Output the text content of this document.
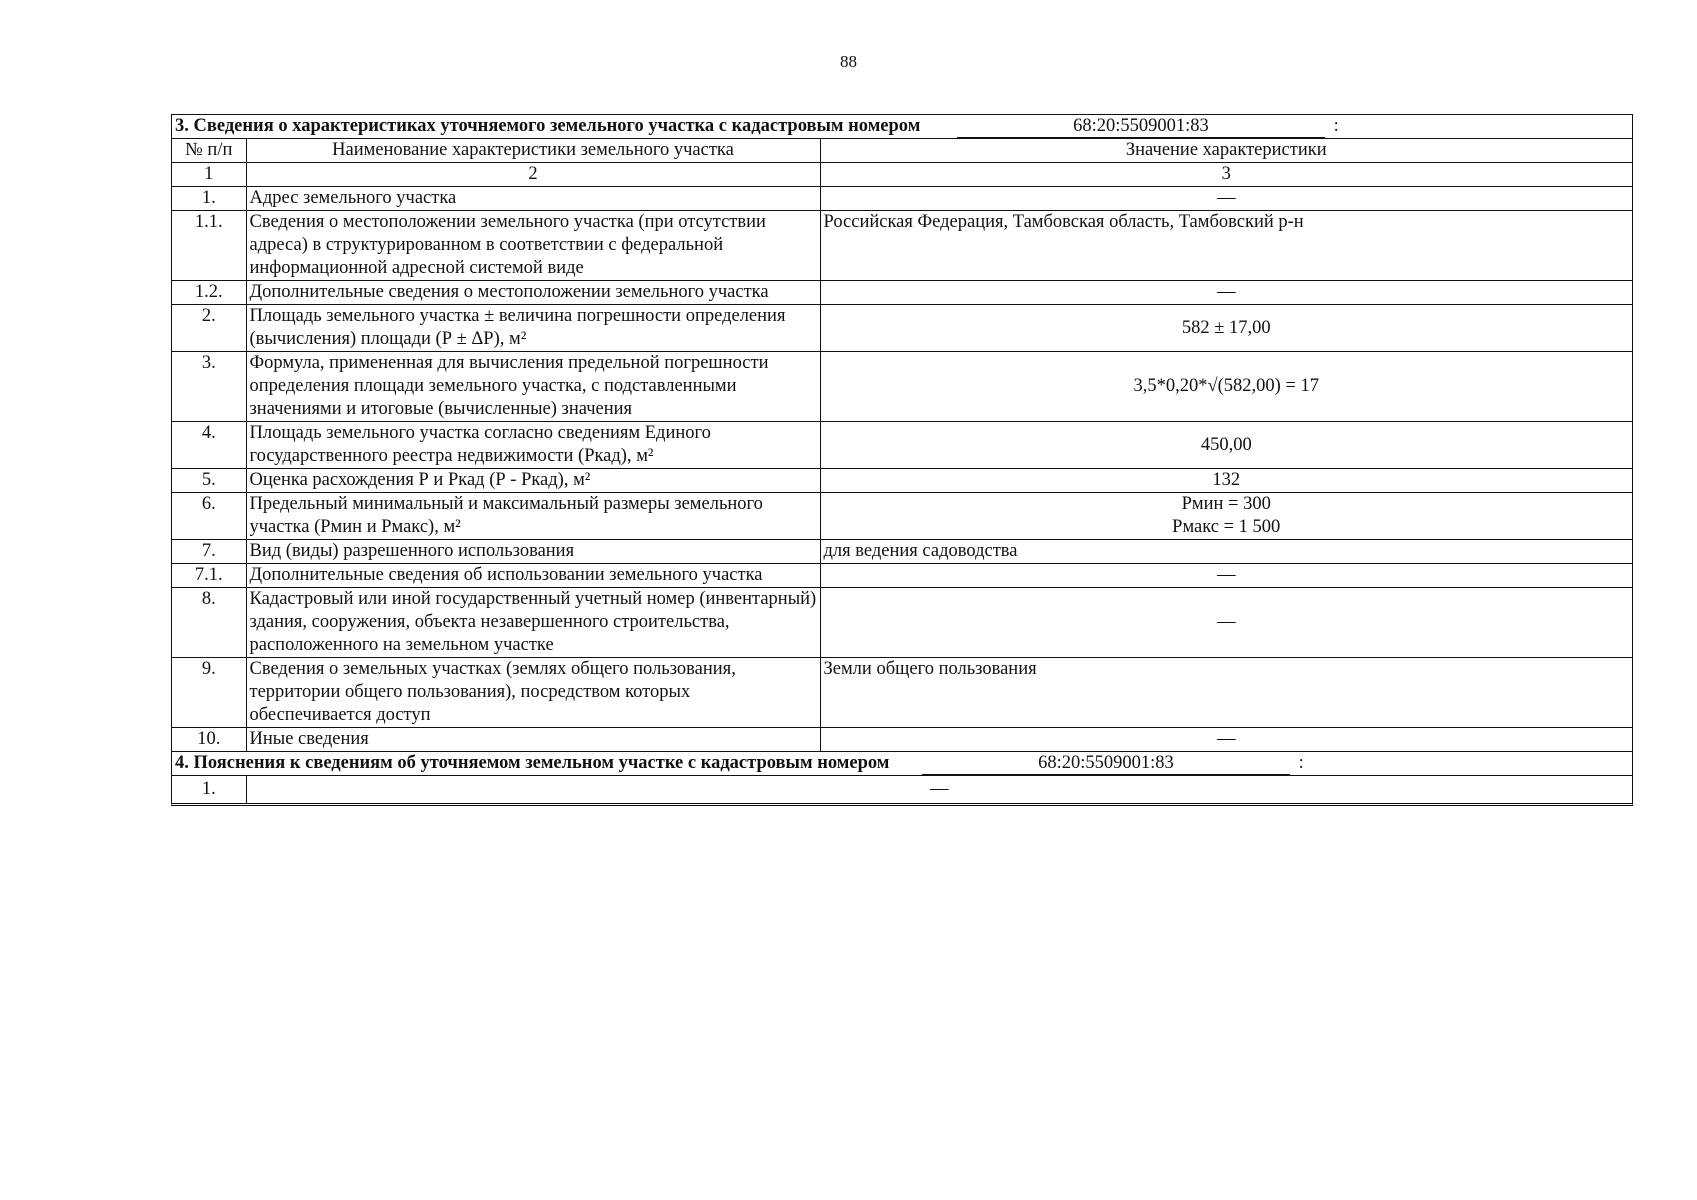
88
3. Сведения о характеристиках уточняемого земельного участка с кадастровым номером 68:20:5509001:83 :		
№ п/п	Наименование характеристики земельного участка	Значение характеристики
1	2	3
1.	Адрес земельного участка	—
1.1.	Сведения о местоположении земельного участка (при отсутствии адреса) в структурированном в соответствии с федеральной информационной адресной системой виде	Российская Федерация, Тамбовская область, Тамбовский р-н
1.2.	Дополнительные сведения о местоположении земельного участка	—
2.	Площадь земельного участка ± величина погрешности определения (вычисления) площади (Р ± ΔР), м²	582 ± 17,00
3.	Формула, примененная для вычисления предельной погрешности определения площади земельного участка, с подставленными значениями и итоговые (вычисленные) значения	3,5*0,20*√(582,00) = 17
4.	Площадь земельного участка согласно сведениям Единого государственного реестра недвижимости (Ркад), м²	450,00
5.	Оценка расхождения Р и Ркад (Р - Ркад), м²	132
6.	Предельный минимальный и максимальный размеры земельного участка (Рмин и Рмакс), м²	Рмин = 300
Рмакс = 1 500

7.	Вид (виды) разрешенного использования	для ведения садоводства
7.1.	Дополнительные сведения об использовании земельного участка	—
8.	Кадастровый или иной государственный учетный номер (инвентарный) здания, сооружения, объекта незавершенного строительства, расположенного на земельном участке	—
9.	Сведения о земельных участках (землях общего пользования, территории общего пользования), посредством которых обеспечивается доступ	Земли общего пользования
10.	Иные сведения	—
4. Пояснения к сведениям об уточняемом земельном участке с кадастровым номером 68:20:5509001:83 :		
1.	—	
